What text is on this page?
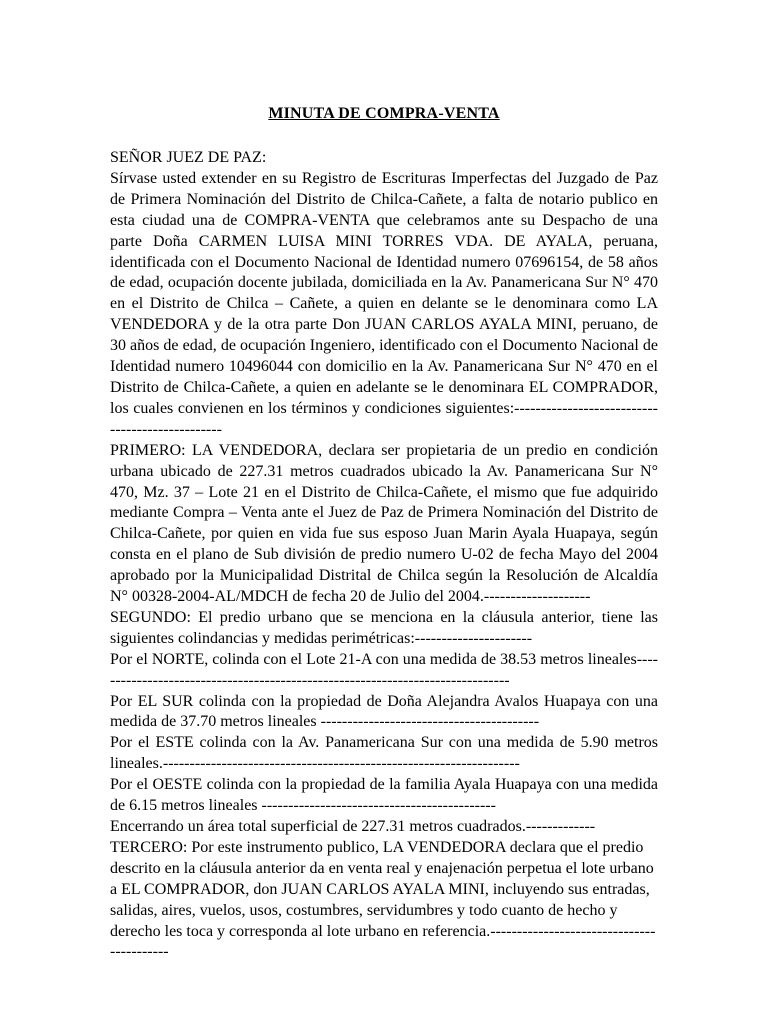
MINUTA DE COMPRA-VENTA

SEÑOR JUEZ DE PAZ:

Sírvase usted extender en su Registro de Escrituras Imperfectas del Juzgado de Paz de Primera Nominación del Distrito de Chilca-Cañete, a falta de notario publico en esta ciudad una de COMPRA-VENTA que celebramos ante su Despacho de una parte Doña CARMEN LUISA MINI TORRES VDA. DE AYALA, peruana, identificada con el Documento Nacional de Identidad numero 07696154, de 58 años de edad, ocupación docente jubilada, domiciliada en la Av. Panamericana Sur N° 470 en el Distrito de Chilca – Cañete, a quien en delante se le denominara como LA VENDEDORA y de la otra parte Don JUAN CARLOS AYALA MINI, peruano, de 30 años de edad, de ocupación Ingeniero, identificado con el Documento Nacional de Identidad numero 10496044 con domicilio en la Av. Panamericana Sur N° 470 en el Distrito de Chilca-Cañete, a quien en adelante se le denominara EL COMPRADOR, los cuales convienen en los términos y condiciones siguientes:------------------------------------------------

PRIMERO: LA VENDEDORA, declara ser propietaria de un predio en condición urbana ubicado de 227.31 metros cuadrados ubicado la Av. Panamericana Sur N° 470, Mz. 37 – Lote 21 en el Distrito de Chilca-Cañete, el mismo que fue adquirido mediante Compra – Venta ante el Juez de Paz de Primera Nominación del Distrito de Chilca-Cañete, por quien en vida fue sus esposo Juan Marin Ayala Huapaya, según consta en el plano de Sub división de predio numero U-02 de fecha Mayo del 2004 aprobado por la Municipalidad Distrital de Chilca según la Resolución de Alcaldía N° 00328-2004-AL/MDCH de fecha 20 de Julio del 2004.--------------------

SEGUNDO: El predio urbano que se menciona en la cláusula anterior, tiene las siguientes colindancias y medidas perimétricas:----------------------

Por el NORTE, colinda con el Lote 21-A con una medida de 38.53 metros lineales-------------------------------------------------------------------------------

Por EL SUR colinda con la propiedad de Doña Alejandra Avalos Huapaya con una medida de 37.70 metros lineales -----------------------------------------

Por el ESTE colinda con la Av. Panamericana Sur con una medida de 5.90 metros lineales.-------------------------------------------------------------------

Por el OESTE colinda con la propiedad de la familia Ayala Huapaya con una medida de 6.15 metros lineales --------------------------------------------

Encerrando un área total superficial de 227.31 metros cuadrados.-------------

TERCERO: Por este instrumento publico, LA VENDEDORA declara que el predio descrito en la cláusula anterior da en venta real y enajenación perpetua el lote urbano a EL COMPRADOR, don JUAN CARLOS AYALA MINI, incluyendo sus entradas, salidas, aires, vuelos, usos, costumbres, servidumbres y todo cuanto de hecho y derecho les toca y corresponda al lote urbano en referencia.------------------------------------------
